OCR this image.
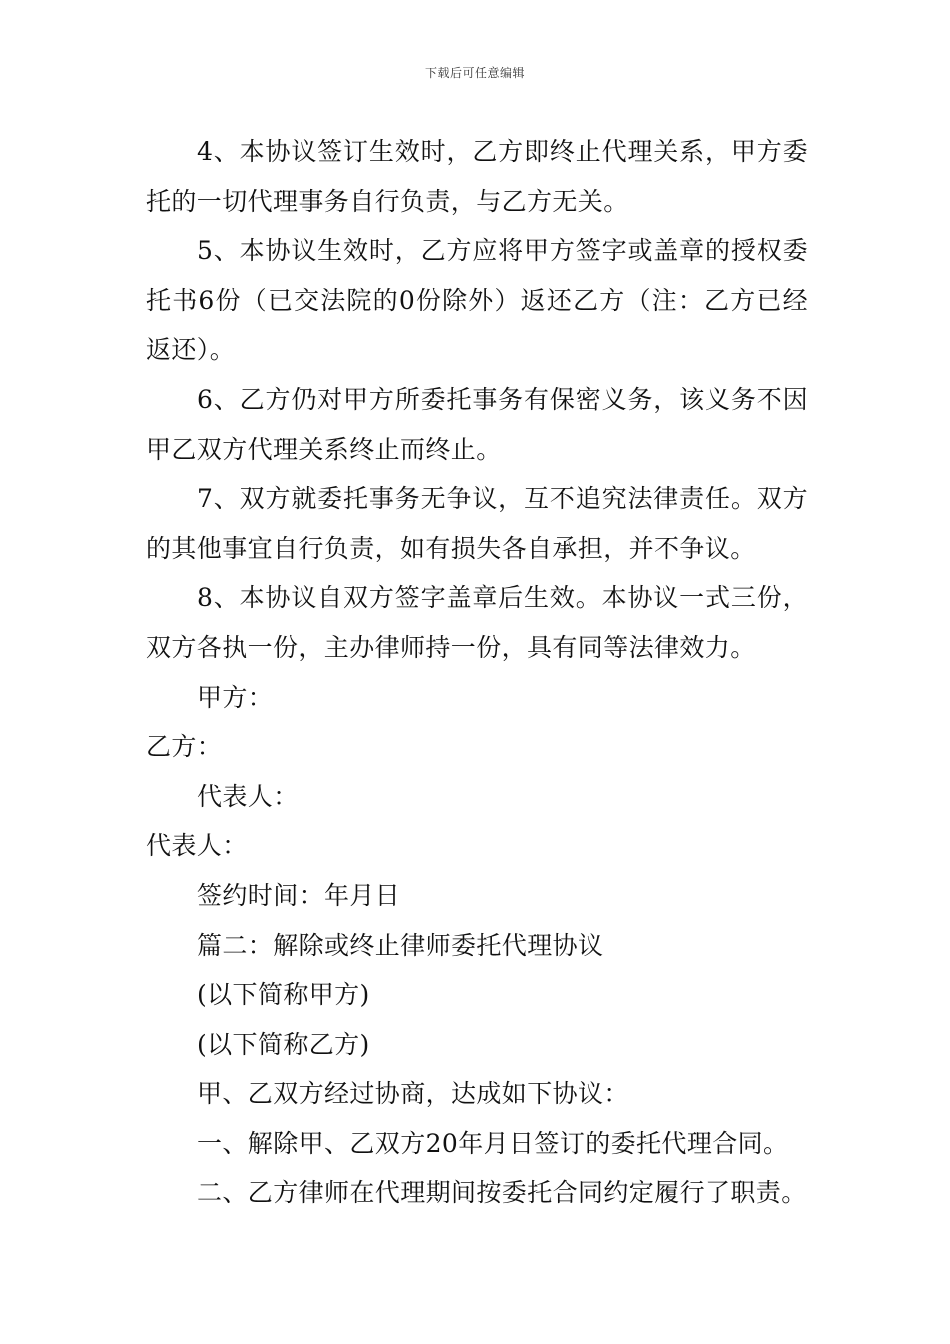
下载后可任意编辑
4、本协议签订生效时，乙方即终止代理关系，甲方委
托的一切代理事务自行负责，与乙方无关。
5、本协议生效时，乙方应将甲方签字或盖章的授权委
托书6份（已交法院的0份除外）返还乙方（注：乙方已经
返还）。
6、乙方仍对甲方所委托事务有保密义务，该义务不因
甲乙双方代理关系终止而终止。
7、双方就委托事务无争议，互不追究法律责任。双方
的其他事宜自行负责，如有损失各自承担，并不争议。
8、本协议自双方签字盖章后生效。本协议一式三份，
双方各执一份，主办律师持一份，具有同等法律效力。
甲方：
乙方：
代表人：
代表人：
签约时间：年月日
篇二：解除或终止律师委托代理协议
(以下简称甲方)
(以下简称乙方)
甲、乙双方经过协商，达成如下协议：
一、解除甲、乙双方20年月日签订的委托代理合同。
二、乙方律师在代理期间按委托合同约定履行了职责。
